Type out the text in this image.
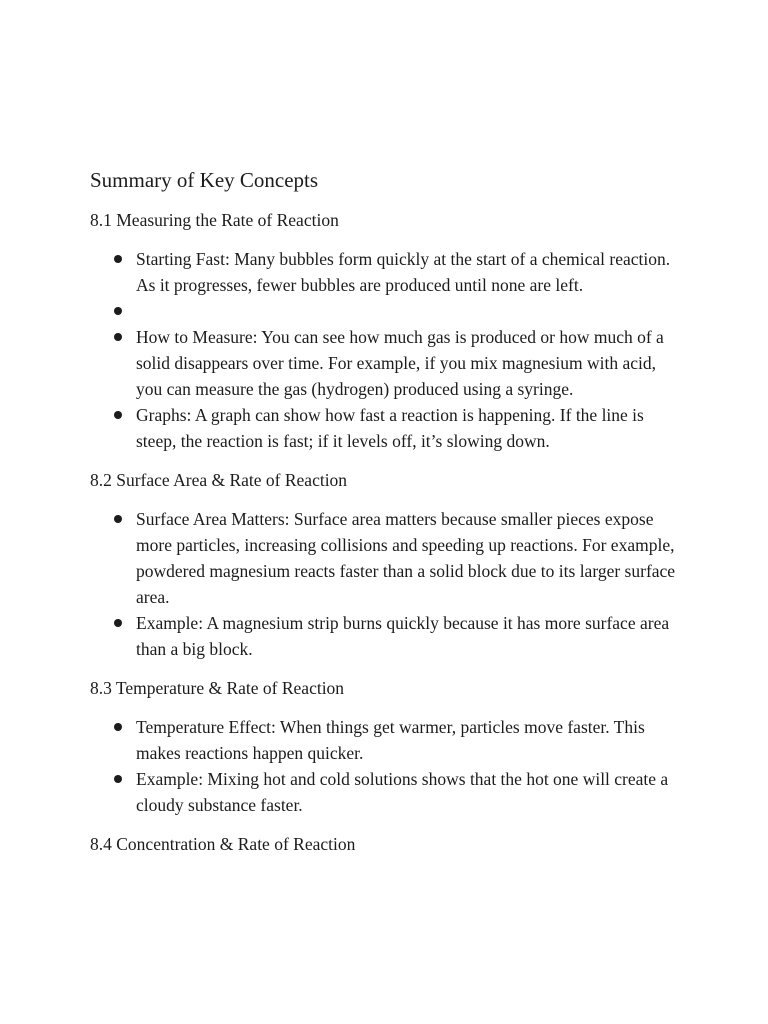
Summary of Key Concepts
8.1 Measuring the Rate of Reaction
Starting Fast: Many bubbles form quickly at the start of a chemical reaction. As it progresses, fewer bubbles are produced until none are left.
How to Measure: You can see how much gas is produced or how much of a solid disappears over time. For example, if you mix magnesium with acid, you can measure the gas (hydrogen) produced using a syringe.
Graphs: A graph can show how fast a reaction is happening. If the line is steep, the reaction is fast; if it levels off, it’s slowing down.
8.2 Surface Area & Rate of Reaction
Surface Area Matters: Surface area matters because smaller pieces expose more particles, increasing collisions and speeding up reactions. For example, powdered magnesium reacts faster than a solid block due to its larger surface area.
Example: A magnesium strip burns quickly because it has more surface area than a big block.
8.3 Temperature & Rate of Reaction
Temperature Effect: When things get warmer, particles move faster. This makes reactions happen quicker.
Example: Mixing hot and cold solutions shows that the hot one will create a cloudy substance faster.
8.4 Concentration & Rate of Reaction
